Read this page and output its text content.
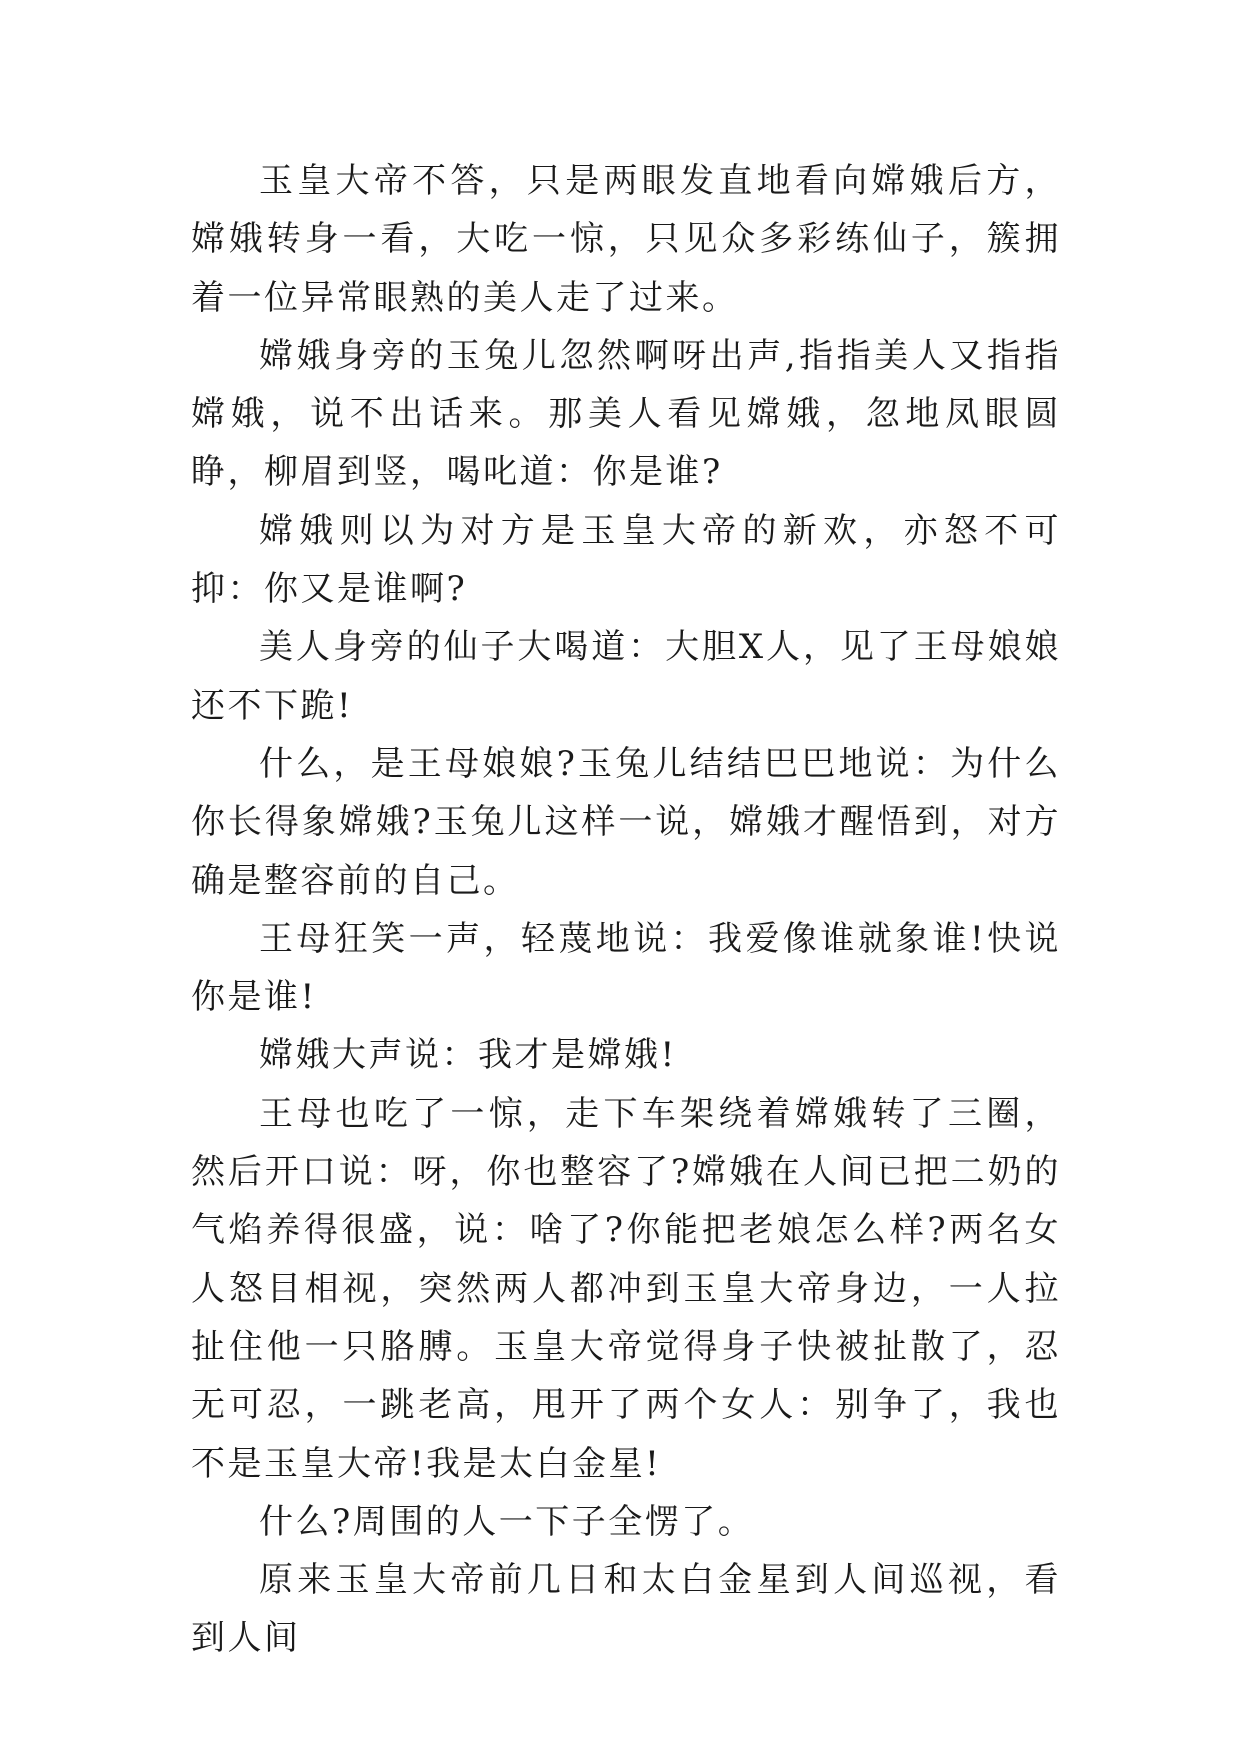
玉皇大帝不答，只是两眼发直地看向嫦娥后方，嫦娥转身一看，大吃一惊，只见众多彩练仙子，簇拥着一位异常眼熟的美人走了过来。

嫦娥身旁的玉兔儿忽然啊呀出声,指指美人又指指嫦娥，说不出话来。那美人看见嫦娥，忽地凤眼圆睁，柳眉到竖，喝叱道：你是谁?

嫦娥则以为对方是玉皇大帝的新欢，亦怒不可抑：你又是谁啊?

美人身旁的仙子大喝道：大胆X人，见了王母娘娘还不下跪!

什么，是王母娘娘?玉兔儿结结巴巴地说：为什么你长得象嫦娥?玉兔儿这样一说，嫦娥才醒悟到，对方确是整容前的自己。

王母狂笑一声，轻蔑地说：我爱像谁就象谁!快说你是谁!

嫦娥大声说：我才是嫦娥!

王母也吃了一惊，走下车架绕着嫦娥转了三圈，然后开口说：呀，你也整容了?嫦娥在人间已把二奶的气焰养得很盛，说：啥了?你能把老娘怎么样?两名女人怒目相视，突然两人都冲到玉皇大帝身边，一人拉扯住他一只胳膊。玉皇大帝觉得身子快被扯散了，忍无可忍，一跳老高，甩开了两个女人：别争了，我也不是玉皇大帝!我是太白金星!

什么?周围的人一下子全愣了。

原来玉皇大帝前几日和太白金星到人间巡视，看到人间
